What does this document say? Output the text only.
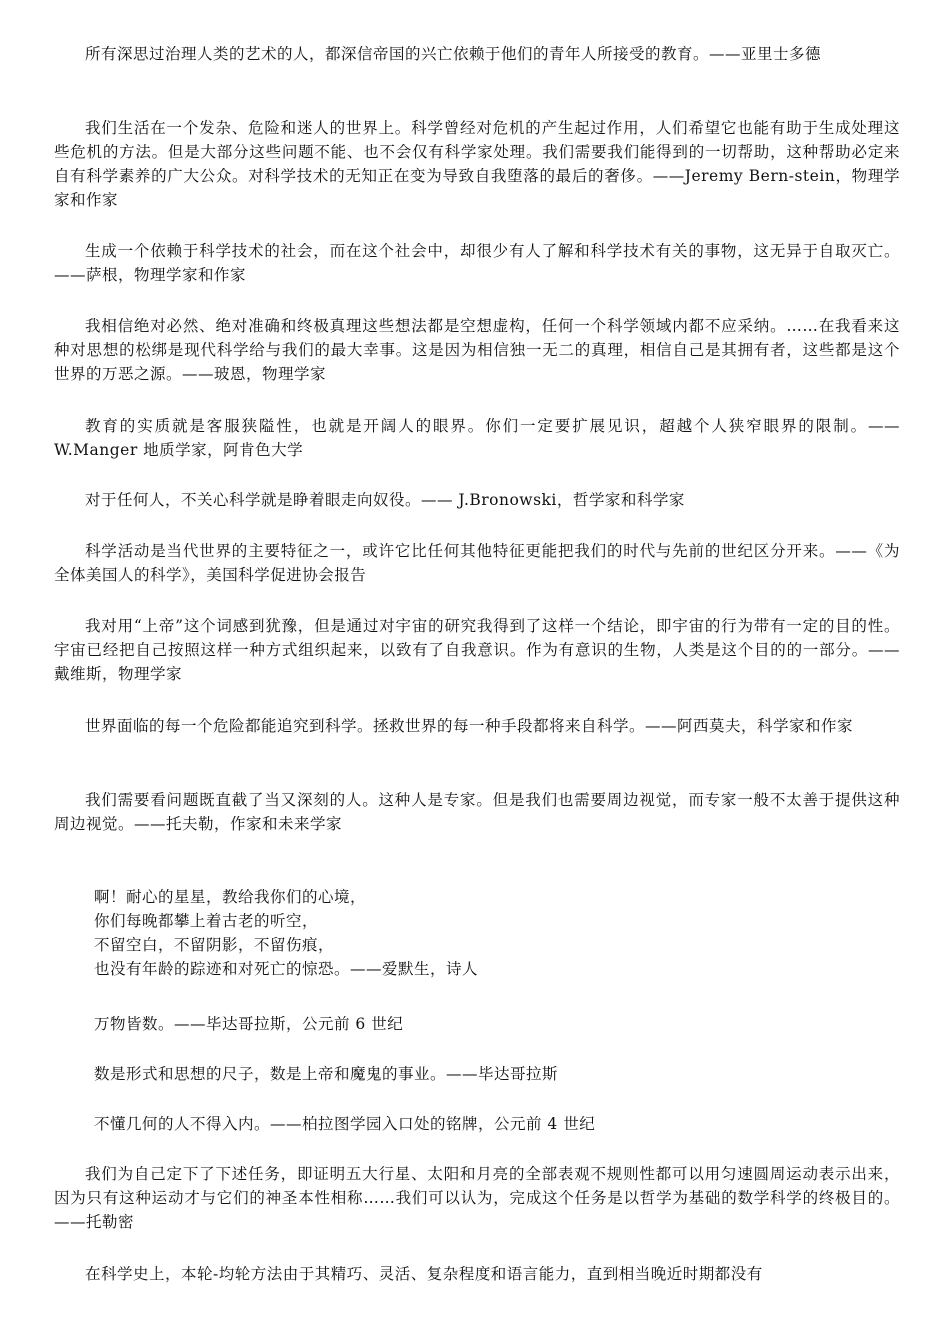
所有深思过治理人类的艺术的人，都深信帝国的兴亡依赖于他们的青年人所接受的教育。——亚里士多德

我们生活在一个发杂、危险和迷人的世界上。科学曾经对危机的产生起过作用，人们希望它也能有助于生成处理这些危机的方法。但是大部分这些问题不能、也不会仅有科学家处理。我们需要我们能得到的一切帮助，这种帮助必定来自有科学素养的广大公众。对科学技术的无知正在变为导致自我堕落的最后的奢侈。——Jeremy Bern-stein，物理学家和作家

生成一个依赖于科学技术的社会，而在这个社会中，却很少有人了解和科学技术有关的事物，这无异于自取灭亡。——萨根，物理学家和作家

我相信绝对必然、绝对准确和终极真理这些想法都是空想虚构，任何一个科学领域内都不应采纳。……在我看来这种对思想的松绑是现代科学给与我们的最大幸事。这是因为相信独一无二的真理，相信自己是其拥有者，这些都是这个世界的万恶之源。——玻恩，物理学家

教育的实质就是客服狭隘性，也就是开阔人的眼界。你们一定要扩展见识，超越个人狭窄眼界的限制。——W.Manger 地质学家，阿肯色大学

对于任何人，不关心科学就是睁着眼走向奴役。—— J.Bronowski，哲学家和科学家

科学活动是当代世界的主要特征之一，或许它比任何其他特征更能把我们的时代与先前的世纪区分开来。——《为全体美国人的科学》，美国科学促进协会报告

我对用“上帝”这个词感到犹豫，但是通过对宇宙的研究我得到了这样一个结论，即宇宙的行为带有一定的目的性。宇宙已经把自己按照这样一种方式组织起来，以致有了自我意识。作为有意识的生物，人类是这个目的的一部分。——戴维斯，物理学家

世界面临的每一个危险都能追究到科学。拯救世界的每一种手段都将来自科学。——阿西莫夫，科学家和作家

我们需要看问题既直截了当又深刻的人。这种人是专家。但是我们也需要周边视觉，而专家一般不太善于提供这种周边视觉。——托夫勒，作家和未来学家

啊！耐心的星星，教给我你们的心境，
你们每晚都攀上着古老的听空，
不留空白，不留阴影，不留伤痕，
也没有年龄的踪迹和对死亡的惊恐。——爱默生，诗人

万物皆数。——毕达哥拉斯，公元前 6 世纪

数是形式和思想的尺子，数是上帝和魔鬼的事业。——毕达哥拉斯

不懂几何的人不得入内。——柏拉图学园入口处的铭牌，公元前 4 世纪

我们为自己定下了下述任务，即证明五大行星、太阳和月亮的全部表观不规则性都可以用匀速圆周运动表示出来，因为只有这种运动才与它们的神圣本性相称……我们可以认为，完成这个任务是以哲学为基础的数学科学的终极目的。——托勒密

在科学史上，本轮-均轮方法由于其精巧、灵活、复杂程度和语言能力，直到相当晚近时期都没有
